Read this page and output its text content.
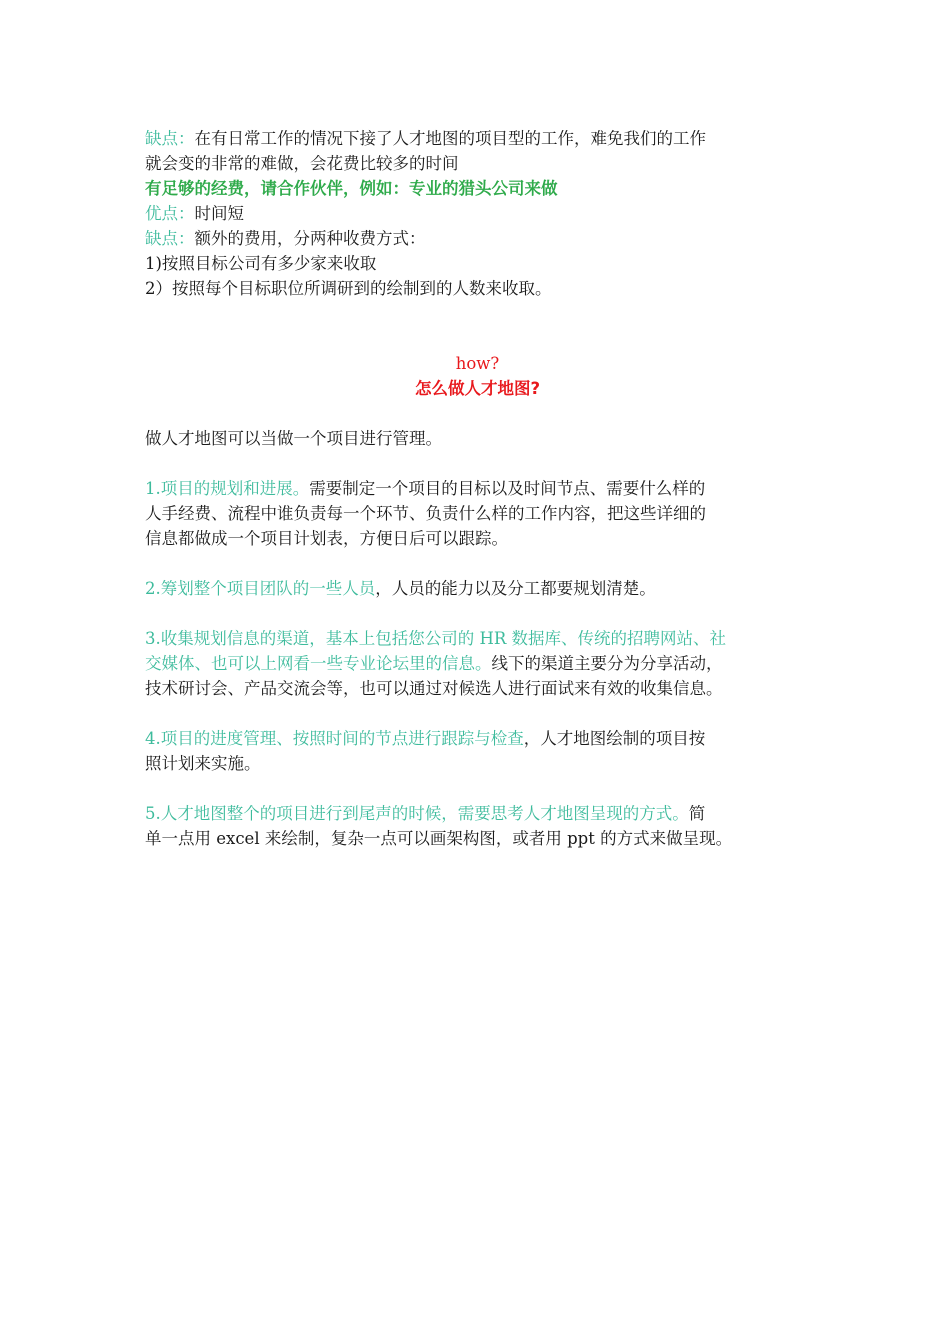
缺点：在有日常工作的情况下接了人才地图的项目型的工作，难免我们的工作
就会变的非常的难做，会花费比较多的时间
有足够的经费，请合作伙伴，例如：专业的猎头公司来做
优点：时间短
缺点：额外的费用，分两种收费方式：
1)按照目标公司有多少家来收取
2）按照每个目标职位所调研到的绘制到的人数来收取。
how?
怎么做人才地图?
做人才地图可以当做一个项目进行管理。
1.项目的规划和进展。需要制定一个项目的目标以及时间节点、需要什么样的
人手经费、流程中谁负责每一个环节、负责什么样的工作内容，把这些详细的
信息都做成一个项目计划表，方便日后可以跟踪。
2.筹划整个项目团队的一些人员，人员的能力以及分工都要规划清楚。
3.收集规划信息的渠道，基本上包括您公司的 HR 数据库、传统的招聘网站、社
交媒体、也可以上网看一些专业论坛里的信息。线下的渠道主要分为分享活动，
技术研讨会、产品交流会等，也可以通过对候选人进行面试来有效的收集信息。
4.项目的进度管理、按照时间的节点进行跟踪与检查，人才地图绘制的项目按
照计划来实施。
5.人才地图整个的项目进行到尾声的时候，需要思考人才地图呈现的方式。简
单一点用 excel 来绘制，复杂一点可以画架构图，或者用 ppt 的方式来做呈现。
